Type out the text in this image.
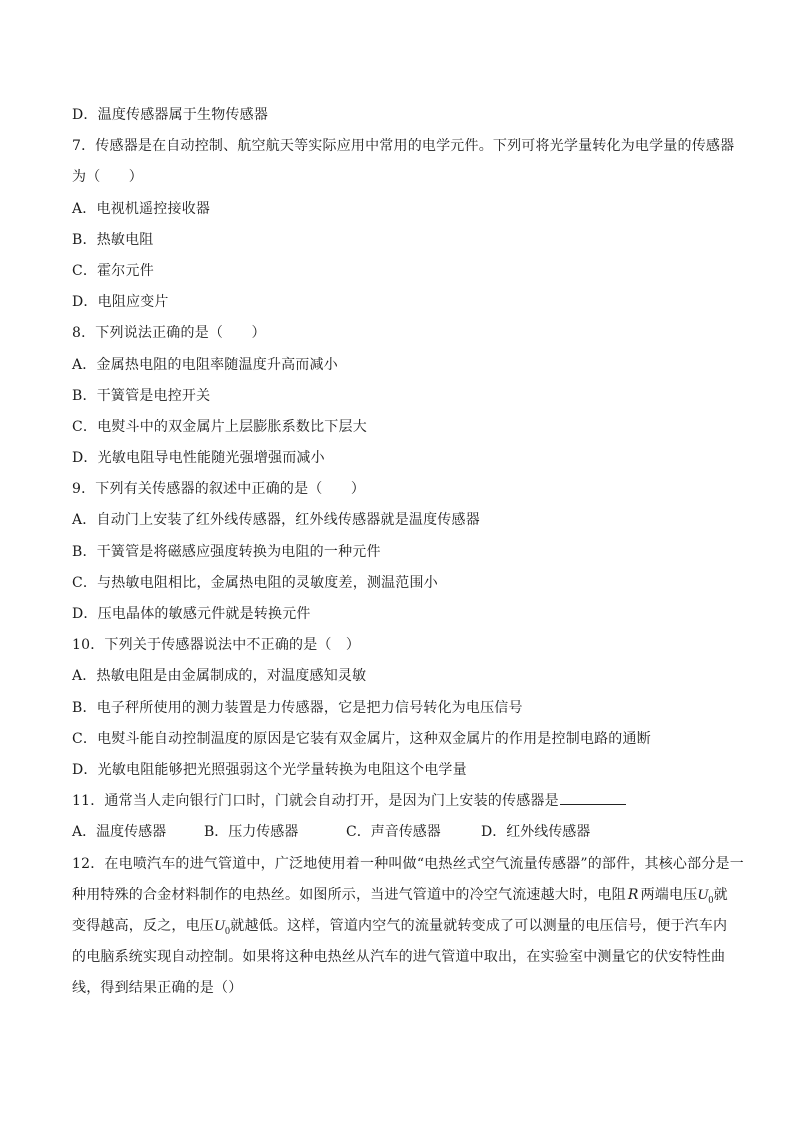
D．温度传感器属于生物传感器
7．传感器是在自动控制、航空航天等实际应用中常用的电学元件。下列可将光学量转化为电学量的传感器
为（　　）
A．电视机遥控接收器
B．热敏电阻
C．霍尔元件
D．电阻应变片
8．下列说法正确的是（　　）
A．金属热电阻的电阻率随温度升高而减小
B．干簧管是电控开关
C．电熨斗中的双金属片上层膨胀系数比下层大
D．光敏电阻导电性能随光强增强而减小
9．下列有关传感器的叙述中正确的是（　　）
A．自动门上安装了红外线传感器，红外线传感器就是温度传感器
B．干簧管是将磁感应强度转换为电阻的一种元件
C．与热敏电阻相比，金属热电阻的灵敏度差，测温范围小
D．压电晶体的敏感元件就是转换元件
10．下列关于传感器说法中不正确的是（　）
A．热敏电阻是由金属制成的，对温度感知灵敏
B．电子秤所使用的测力装置是力传感器，它是把力信号转化为电压信号
C．电熨斗能自动控制温度的原因是它装有双金属片，这种双金属片的作用是控制电路的通断
D．光敏电阻能够把光照强弱这个光学量转换为电阻这个电学量
11．通常当人走向银行门口时，门就会自动打开，是因为门上安装的传感器是
A．温度传感器	B．压力传感器	C．声音传感器	D．红外线传感器
12．在电喷汽车的进气管道中，广泛地使用着一种叫做“电热丝式空气流量传感器”的部件，其核心部分是一
种用特殊的合金材料制作的电热丝。如图所示，当进气管道中的冷空气流速越大时，电阻 R 两端电压$U_0$就
变得越高，反之，电压$U_0$就越低。这样，管道内空气的流量就转变成了可以测量的电压信号，便于汽车内
的电脑系统实现自动控制。如果将这种电热丝从汽车的进气管道中取出，在实验室中测量它的伏安特性曲
线，得到结果正确的是（）
